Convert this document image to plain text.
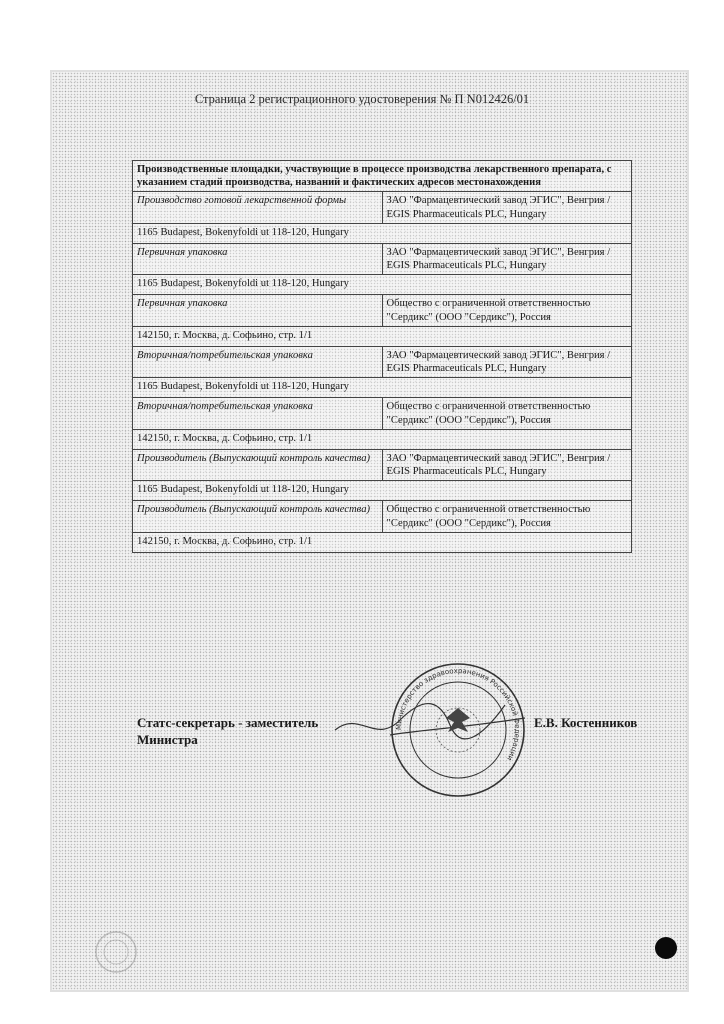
Страница 2 регистрационного удостоверения № П N012426/01
Производственные площадки, участвующие в процессе производства лекарственного препарата, с указанием стадий производства, названий и фактических адресов местонахождения	
Производство готовой лекарственной формы	ЗАО "Фармацевтический завод ЭГИС", Венгрия / EGIS Pharmaceuticals PLC, Hungary
1165 Budapest, Bokenyfoldi ut 118-120, Hungary	
Первичная упаковка	ЗАО "Фармацевтический завод ЭГИС", Венгрия / EGIS Pharmaceuticals PLC, Hungary
1165 Budapest, Bokenyfoldi ut 118-120, Hungary	
Первичная упаковка	Общество с ограниченной ответственностью "Сердикс" (ООО "Сердикс"), Россия
142150, г. Москва, д. Софьино, стр. 1/1	
Вторичная/потребительская упаковка	ЗАО "Фармацевтический завод ЭГИС", Венгрия / EGIS Pharmaceuticals PLC, Hungary
1165 Budapest, Bokenyfoldi ut 118-120, Hungary	
Вторичная/потребительская упаковка	Общество с ограниченной ответственностью "Сердикс" (ООО "Сердикс"), Россия
142150, г. Москва, д. Софьино, стр. 1/1	
Производитель (Выпускающий контроль качества)	ЗАО "Фармацевтический завод ЭГИС", Венгрия / EGIS Pharmaceuticals PLC, Hungary
1165 Budapest, Bokenyfoldi ut 118-120, Hungary	
Производитель (Выпускающий контроль качества)	Общество с ограниченной ответственностью "Сердикс" (ООО "Сердикс"), Россия
142150, г. Москва, д. Софьино, стр. 1/1	
Министерство здравоохранения Российской Федерации
Статс-секретарь - заместитель
Министра
Е.В. Костенников
